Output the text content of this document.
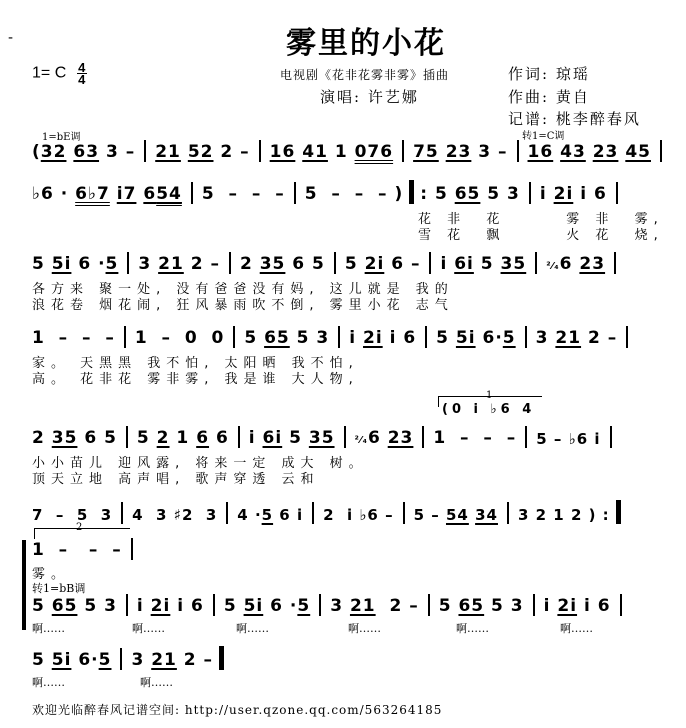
-	雾里的小花
1= C $\frac{4}{4}$	电视剧《花非花雾非雾》插曲
演唱: 许艺娜
作词: 琼瑶
作曲: 黄自
记谱: 桃李醉春风
1=bE调	转1=C调
(32 63 3 – 21 52 2 – 16 41 1 076 75 23 3 – 16 43 23 45
♭6 · 6♭7 i7 654 5  –  –  – 5  –  –  – ) : 5 65 5 3 i 2i i 6
花 非  花      雾 非  雾,
雪 花  飘      火 花  烧,
5 5i 6 ·5 3 21 2 – 2 35 6 5 5 2i 6 – i 6i 5 35 ²⁄₄6 23
各方来 聚一处, 没有爸爸没有妈, 这儿就是 我的
浪花卷 烟花闹, 狂风暴雨吹不倒, 雾里小花 志气
1  –  –  – 1  –  0  0 5 65 5 3 i 2i i 6 5 5i 6·5 3 21 2 –
家。 天黑黑 我不怕, 太阳晒 我不怕,
高。 花非花 雾非雾, 我是谁 大人物,
1
(0 i ♭6 4
2 35 6 5 5 2 1 6 6 i 6i 5 35 ²⁄₄6 23 1  –  –  – 5 – ♭6 i
小小苗儿 迎风露, 将来一定 成大 树。
顶天立地 高声唱, 歌声穿透 云和
7  –  5  3 4  3 ♯2  3 4 ·5 6 i 2  i ♭6 – 5 – 54 34 3 2 1 2 ) :
2
1  –   –  –
雾。
转1=bB调
5 65 5 3 i 2i i 6 5 5i 6 ·5 3 21  2 – 5 65 5 3 i 2i i 6
啊……	啊……	啊……	啊……	啊……	啊……
5 5i 6·5 3 21 2 –
啊……	啊……
欢迎光临醉春风记谱空间: http://user.qzone.qq.com/563264185
